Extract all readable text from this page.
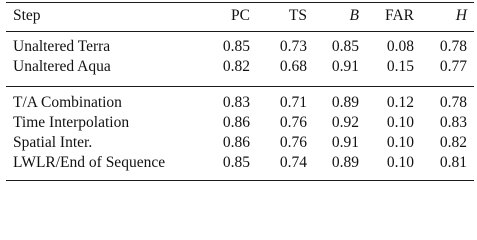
Step	PC	TS	B FAR	H
Unaltered Terra	0.85 0.73 0.85 0.08 0.78
Unaltered Aqua	0.82 0.68 0.91 0.15 0.77
T/A Combination	0.83 0.71 0.89 0.12 0.78
Time Interpolation	0.86 0.76 0.92 0.10 0.83
Spatial Inter.	0.86 0.76 0.91 0.10 0.82
LWLR/End of Sequence	0.85 0.74 0.89 0.10 0.81
